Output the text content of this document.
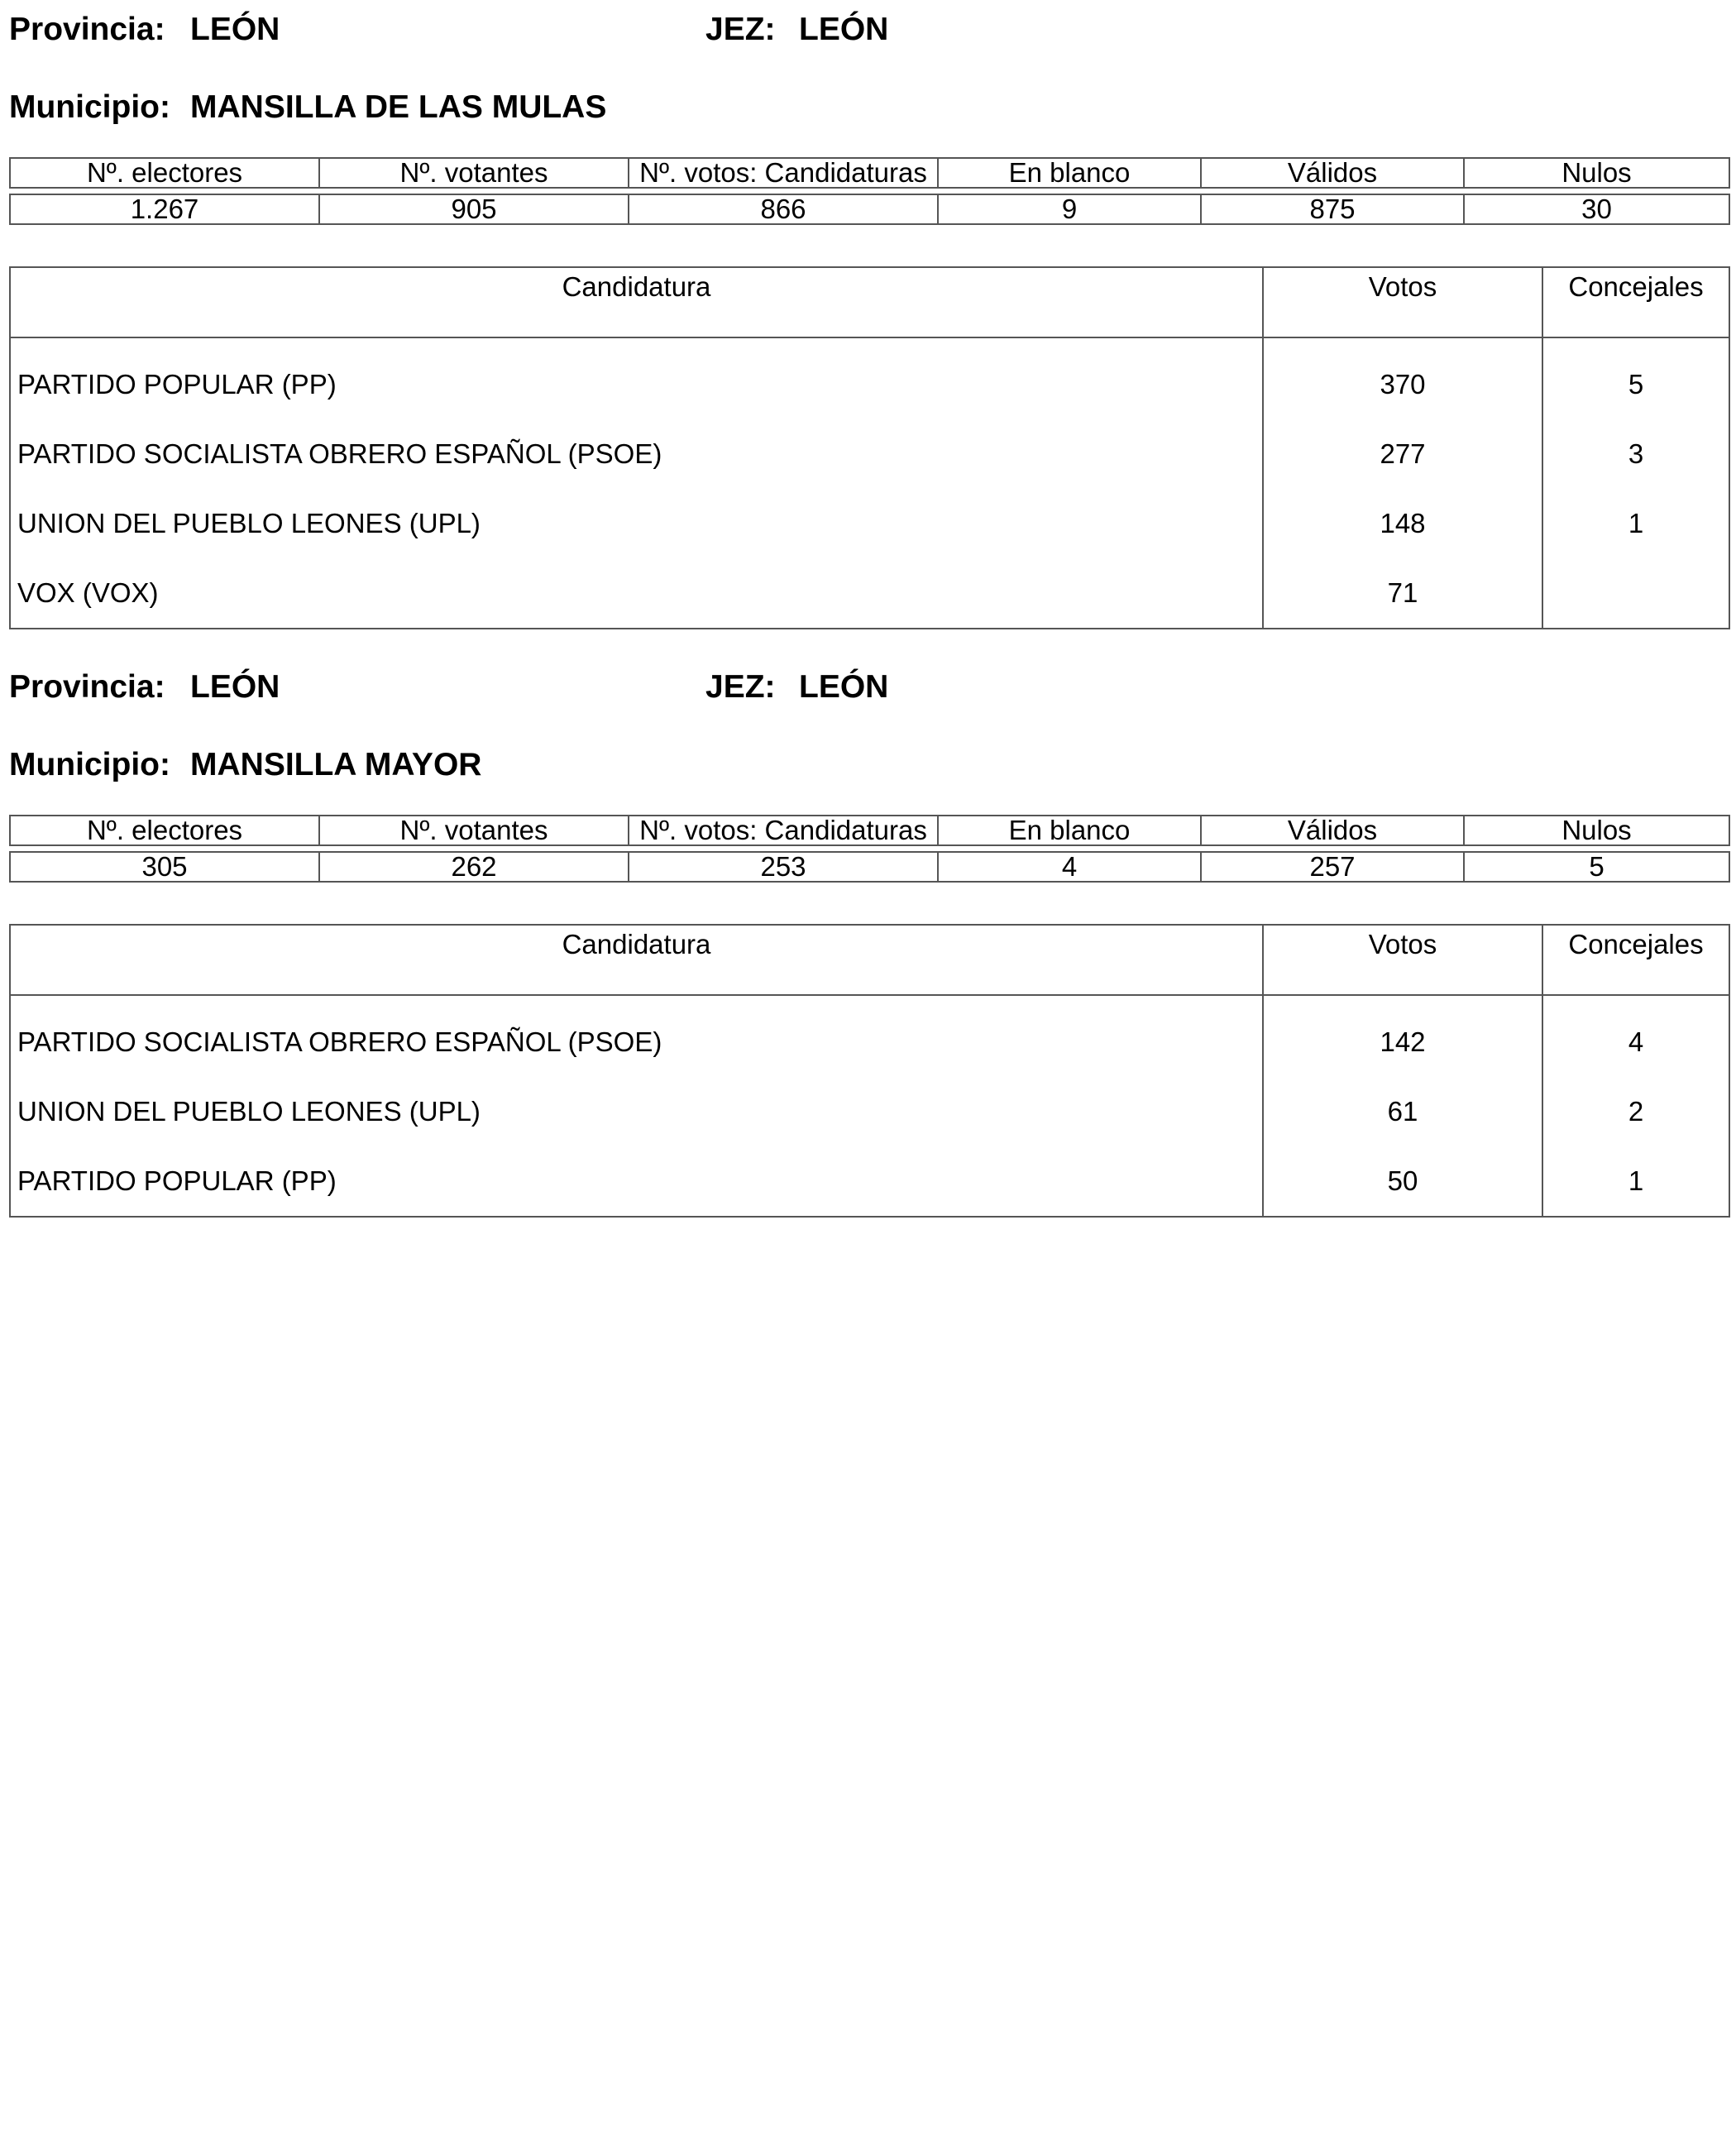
Provincia: LEÓN	JEZ: LEÓN
Municipio: MANSILLA DE LAS MULAS
Nº. electores	Nº. votantes	Nº. votos: Candidaturas	En blanco	Válidos	Nulos

1.267	905	866	9	875	30
Candidatura	Votos	Concejales
PARTIDO POPULAR (PP)	370	5
PARTIDO SOCIALISTA OBRERO ESPAÑOL (PSOE)	277	3
UNION DEL PUEBLO LEONES (UPL)	148	1
VOX (VOX)	71	
Provincia: LEÓN	JEZ: LEÓN
Municipio: MANSILLA MAYOR
Nº. electores	Nº. votantes	Nº. votos: Candidaturas	En blanco	Válidos	Nulos

305	262	253	4	257	5
Candidatura	Votos	Concejales
PARTIDO SOCIALISTA OBRERO ESPAÑOL (PSOE)	142	4
UNION DEL PUEBLO LEONES (UPL)	61	2
PARTIDO POPULAR (PP)	50	1
